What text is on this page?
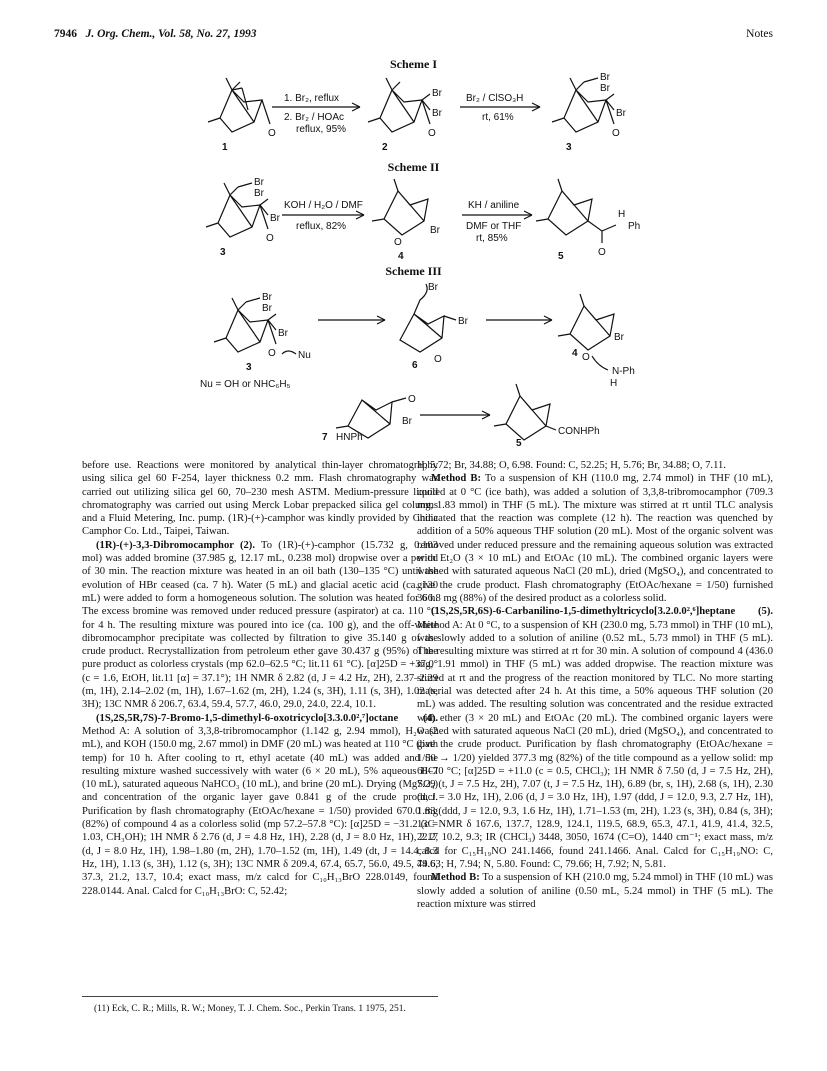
7946 J. Org. Chem., Vol. 58, No. 27, 1993	Notes
Scheme I
O
1
1. Br₂, reflux
2. Br₂ / HOAc
reflux, 95%
Br
Br
O
2
Br₂ / ClSO₃H
rt, 61%
Br
Br
Br
O
3
Scheme II
Br
Br
Br
O
3
KOH / H₂O / DMF
reflux, 82%	Br
O
4
KH / aniline
DMF or THF
rt, 85%
O
H
Ph
5
Scheme III
Br
Br
Br
O Nu
3
Nu = OH or NHC₆H₅
Br
Br
O
6
Br
O
4
N-Ph
H
O
Br
7 HNPh
CONHPh
5

before use. Reactions were monitored by analytical thin-layer chromatography using silica gel 60 F-254, layer thickness 0.2 mm. Flash chromatography was carried out utilizing silica gel 60, 70–230 mesh ASTM. Medium-pressure liquid chromatography was carried out using Merck Lobar prepacked silica gel columns and a Fluid Metering, Inc. pump. (1R)-(+)-camphor was kindly provided by China Camphor Co. Ltd., Taipei, Taiwan.

(1R)-(+)-3,3-Dibromocamphor (2). To (1R)-(+)-camphor (15.732 g, 0.103 mol) was added bromine (37.985 g, 12.17 mL, 0.238 mol) dropwise over a period of 30 min. The reaction mixture was heated in an oil bath (130–135 °C) until the evolution of HBr ceased (ca. 7 h). Water (5 mL) and glacial acetic acid (ca. 120 mL) were added to form a homogeneous solution. The solution was heated for 6 h. The excess bromine was removed under reduced pressure (aspirator) at ca. 110 °C for 4 h. The resulting mixture was poured into ice (ca. 100 g), and the off-white dibromocamphor precipitate was collected by filtration to give 35.140 g of the crude product. Recrystallization from petroleum ether gave 30.437 g (95%) of the pure product as colorless crystals (mp 62.0–62.5 °C; lit.11 61 °C). [α]25D = +37.0° (c = 1.6, EtOH, lit.11 [α] = 37.1°); 1H NMR δ 2.82 (d, J = 4.2 Hz, 2H), 2.37–2.29 (m, 1H), 2.14–2.02 (m, 1H), 1.67–1.62 (m, 2H), 1.24 (s, 3H), 1.11 (s, 3H), 1.02 (s, 3H); 13C NMR δ 206.7, 63.4, 59.4, 57.7, 46.0, 29.0, 24.0, 22.4, 10.1.

(1S,2S,5R,7S)-7-Bromo-1,5-dimethyl-6-oxotricyclo[3.3.0.0²,⁷]octane (4). Method A: A solution of 3,3,8-tribromocamphor (1.142 g, 2.94 mmol), H₂O (2 mL), and KOH (150.0 mg, 2.67 mmol) in DMF (20 mL) was heated at 110 °C (bath temp) for 10 h. After cooling to rt, ethyl acetate (40 mL) was added and the resulting mixture washed successively with water (6 × 20 mL), 5% aqueous HCl (10 mL), saturated aqueous NaHCO₃ (10 mL), and brine (20 mL). Drying (MgSO₄) and concentration of the organic layer gave 0.841 g of the crude product. Purification by flash chromatography (EtOAc/hexane = 1/50) provided 670.0 mg (82%) of compound 4 as a colorless solid (mp 57.2–57.8 °C): [α]25D = −31.2 (c = 1.03, CH₃OH); 1H NMR δ 2.76 (d, J = 4.8 Hz, 1H), 2.28 (d, J = 8.0 Hz, 1H), 2.17 (d, J = 8.0 Hz, 1H), 1.98–1.80 (m, 2H), 1.70–1.52 (m, 1H), 1.49 (dt, J = 14.4, 8.3 Hz, 1H), 1.13 (s, 3H), 1.12 (s, 3H); 13C NMR δ 209.4, 67.4, 65.7, 56.0, 49.5, 44.6, 37.3, 21.2, 13.7, 10.4; exact mass, m/z calcd for C₁₀H₁₃BrO 228.0149, found 228.0144. Anal. Calcd for C₁₀H₁₃BrO: C, 52.42;

H, 5.72; Br, 34.88; O, 6.98. Found: C, 52.25; H, 5.76; Br, 34.88; O, 7.11.

Method B: To a suspension of KH (110.0 mg, 2.74 mmol) in THF (10 mL), cooled at 0 °C (ice bath), was added a solution of 3,3,8-tribromocamphor (709.3 mg, 1.83 mmol) in THF (5 mL). The mixture was stirred at rt until TLC analysis indicated that the reaction was complete (12 h). The reaction was quenched by addition of a 50% aqueous THF solution (20 mL). Most of the organic solvent was removed under reduced pressure and the remaining aqueous solution was extracted with Et₂O (3 × 10 mL) and EtOAc (10 mL). The combined organic layers were washed with saturated aqueous NaCl (20 mL), dried (MgSO₄), and concentrated to give the crude product. Flash chromatography (EtOAc/hexane = 1/50) furnished 366.8 mg (88%) of the desired product as a colorless solid.

(1S,2S,5R,6S)-6-Carbanilino-1,5-dimethyltricyclo[3.2.0.0²,⁶]heptane (5). Method A: At 0 °C, to a suspension of KH (230.0 mg, 5.73 mmol) in THF (10 mL), was slowly added to a solution of aniline (0.52 mL, 5.73 mmol) in THF (5 mL). The resulting mixture was stirred at rt for 30 min. A solution of compound 4 (436.0 mg, 1.91 mmol) in THF (5 mL) was added dropwise. The reaction mixture was stirred at rt and the progress of the reaction monitored by TLC. No more starting material was detected after 24 h. At this time, a 50% aqueous THF solution (20 mL) was added. The resulting solution was concentrated and the residue extracted with ether (3 × 20 mL) and EtOAc (20 mL). The combined organic layers were washed with saturated aqueous NaCl (20 mL), dried (MgSO₄), and concentrated to give the crude product. Purification by flash chromatography (EtOAc/hexane = 1/50 → 1/20) yielded 377.3 mg (82%) of the title compound as a yellow solid: mp 68–70 °C; [α]25D = +11.0 (c = 0.5, CHCl₃); 1H NMR δ 7.50 (d, J = 7.5 Hz, 2H), 7.29 (t, J = 7.5 Hz, 2H), 7.07 (t, J = 7.5 Hz, 1H), 6.89 (br, s, 1H), 2.68 (s, 1H), 2.30 (d, J = 3.0 Hz, 1H), 2.06 (d, J = 3.0 Hz, 1H), 1.97 (ddd, J = 12.0, 9.3, 2.7 Hz, 1H), 1.83 (ddd, J = 12.0, 9.3, 1.6 Hz, 1H), 1.71–1.53 (m, 2H), 1.23 (s, 3H), 0.84 (s, 3H); 13C NMR δ 167.6, 137.7, 128.9, 124.1, 119.5, 68.9, 65.3, 47.1, 41.9, 41.4, 32.5, 22.2, 10.2, 9.3; IR (CHCl₃) 3448, 3050, 1674 (C=O), 1440 cm⁻¹; exact mass, m/z calcd for C₁₅H₁₉NO 241.1466, found 241.1466. Anal. Calcd for C₁₅H₁₉NO: C, 79.63; H, 7.94; N, 5.80. Found: C, 79.66; H, 7.92; N, 5.81.

Method B: To a suspension of KH (210.0 mg, 5.24 mmol) in THF (10 mL) was slowly added a solution of aniline (0.50 mL, 5.24 mmol) in THF (5 mL). The reaction mixture was stirred

(11) Eck, C. R.; Mills, R. W.; Money, T. J. Chem. Soc., Perkin Trans. 1 1975, 251.
